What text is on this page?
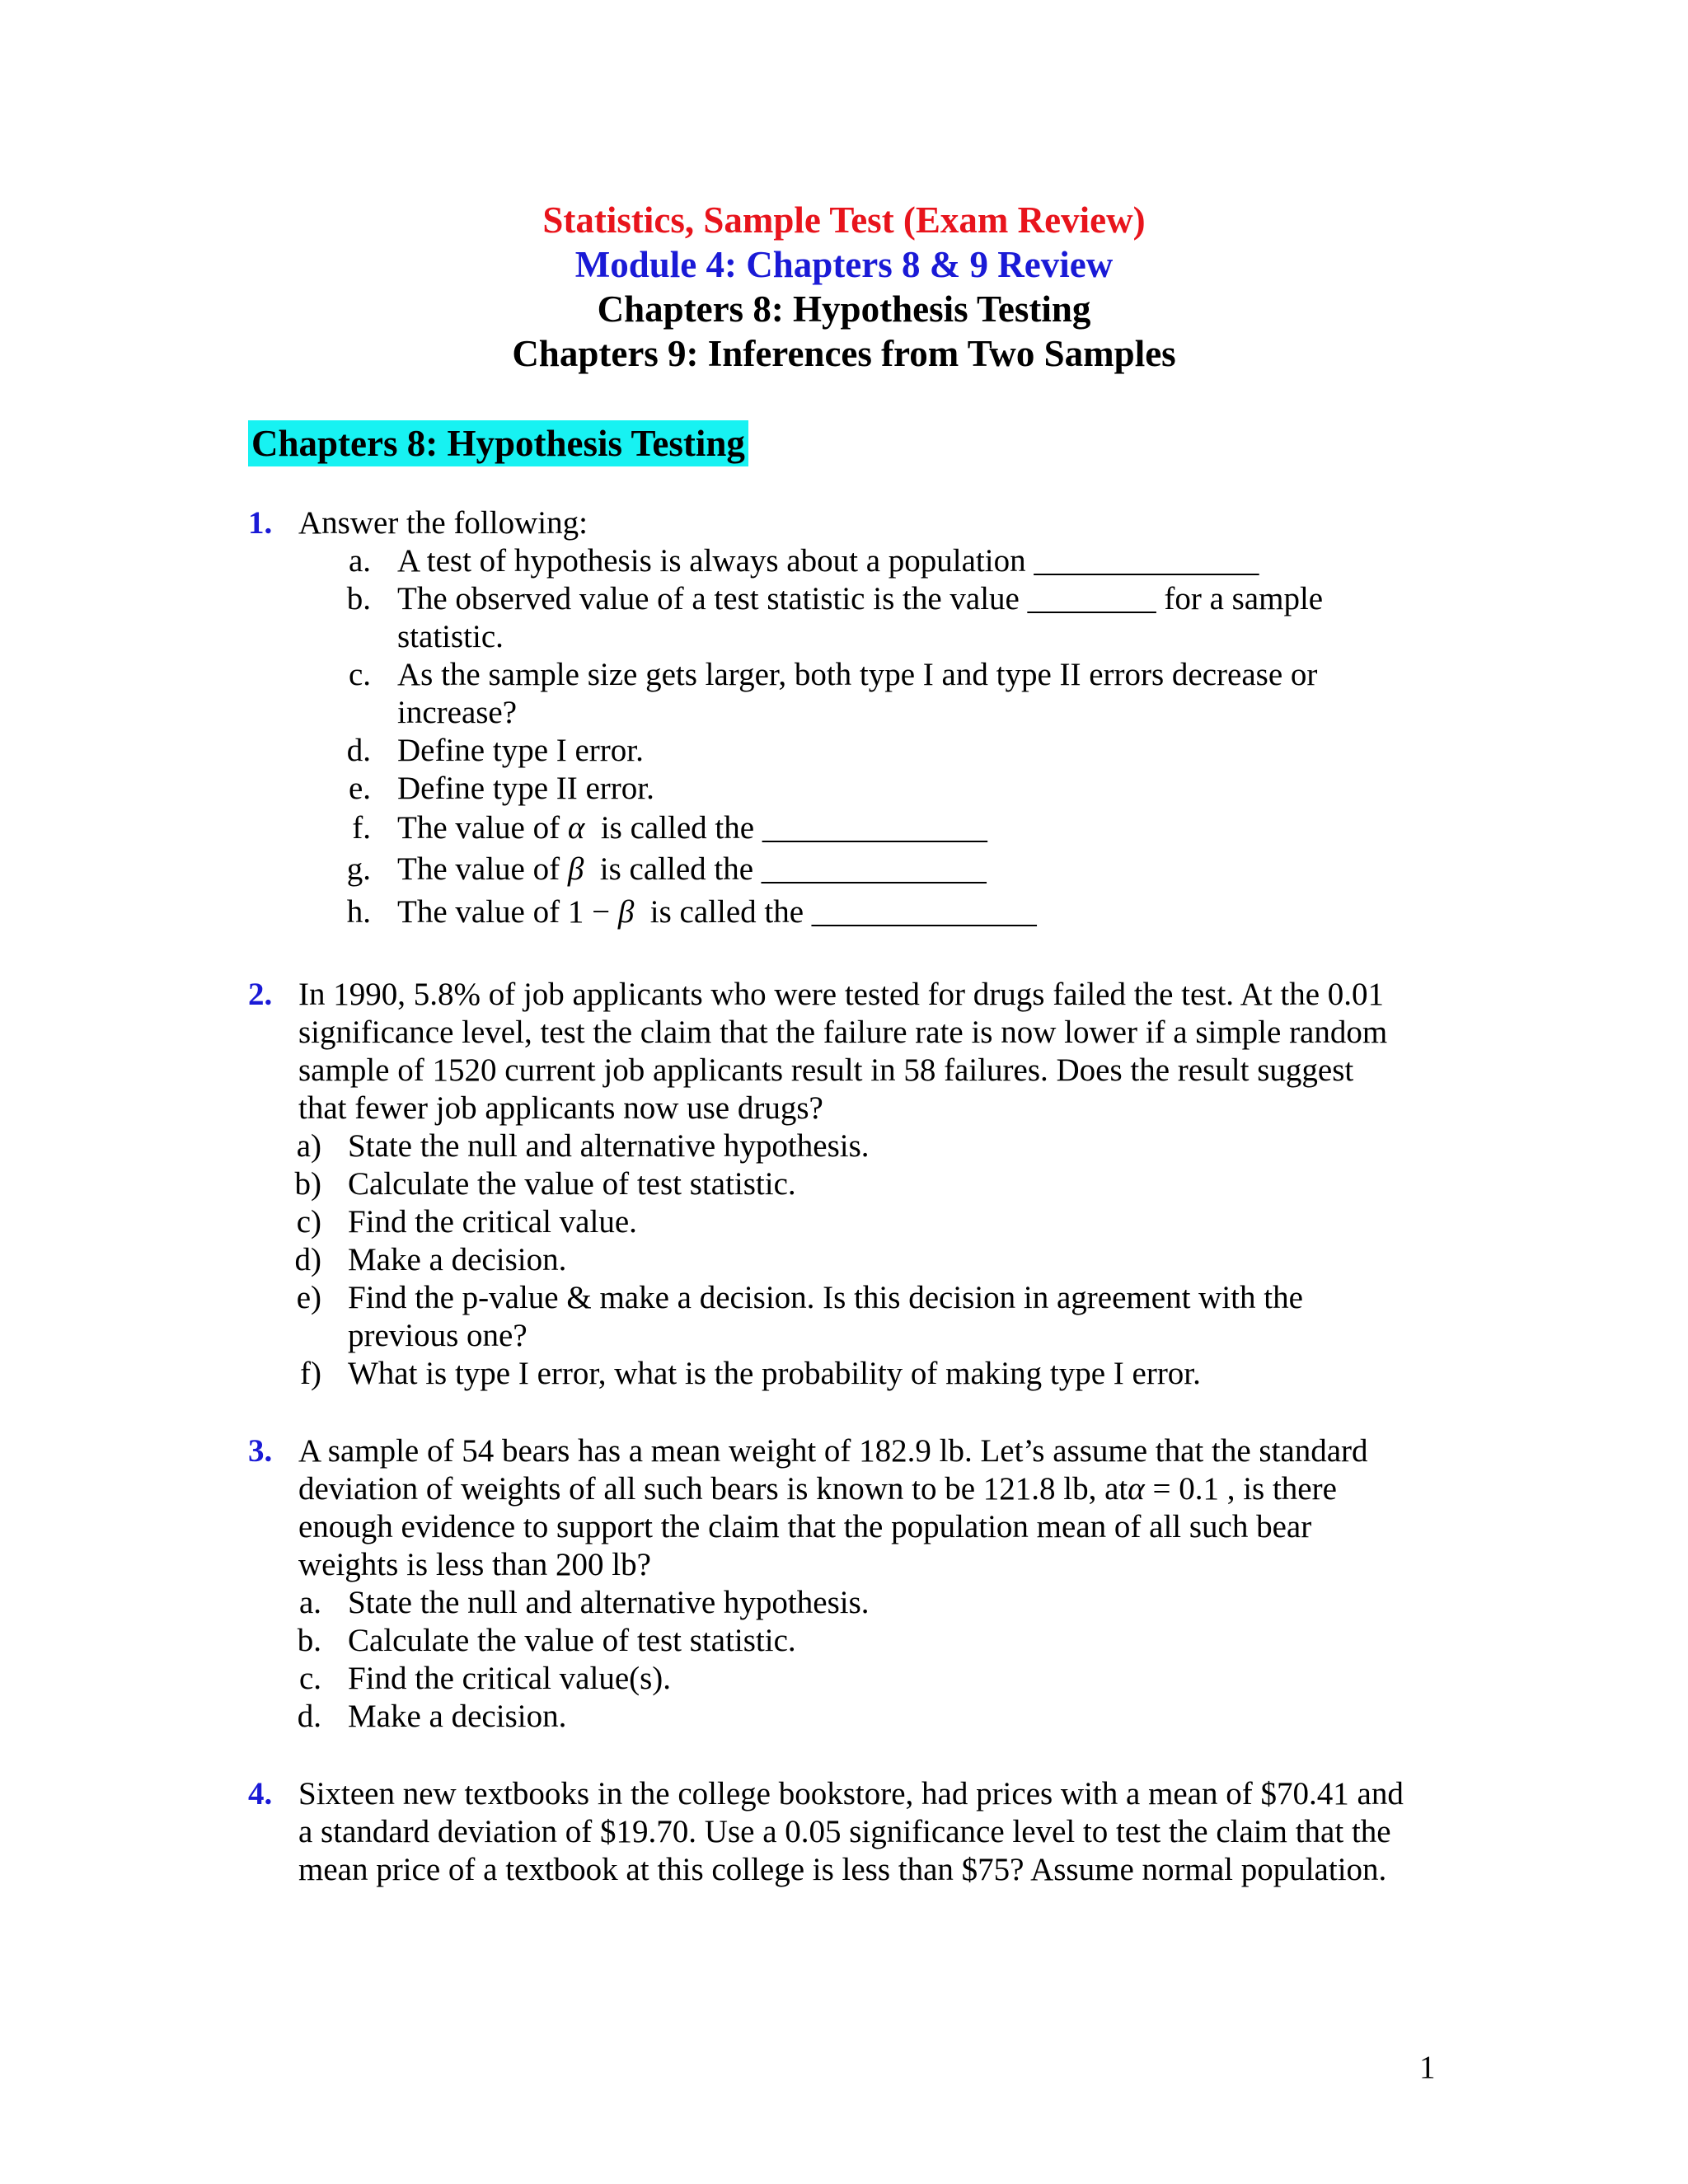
Statistics, Sample Test (Exam Review)
Module 4: Chapters 8 & 9 Review
Chapters 8: Hypothesis Testing
Chapters 9: Inferences from Two Samples
Chapters 8: Hypothesis Testing
1. Answer the following:

a. A test of hypothesis is always about a population ______________
b. The observed value of a test statistic is the value ________ for a sample
statistic.
c. As the sample size gets larger, both type I and type II errors decrease or
increase?
d. Define type I error.
e. Define type II error.
f. The value of α  is called the ______________
g. The value of β  is called the ______________
h. The value of 1 − β  is called the ______________
2. In 1990, 5.8% of job applicants who were tested for drugs failed the test. At the 0.01

significance level, test the claim that the failure rate is now lower if a simple random

sample of 1520 current job applicants result in 58 failures. Does the result suggest

that fewer job applicants now use drugs?

a) State the null and alternative hypothesis.
b) Calculate the value of test statistic.
c) Find the critical value.
d) Make a decision.
e) Find the p-value & make a decision. Is this decision in agreement with the
previous one?
f) What is type I error, what is the probability of making type I error.
3. A sample of 54 bears has a mean weight of 182.9 lb. Let’s assume that the standard

deviation of weights of all such bears is known to be 121.8 lb, atα = 0.1 , is there

enough evidence to support the claim that the population mean of all such bear

weights is less than 200 lb?

a. State the null and alternative hypothesis.
b. Calculate the value of test statistic.
c. Find the critical value(s).
d. Make a decision.
4. Sixteen new textbooks in the college bookstore, had prices with a mean of $70.41 and

a standard deviation of $19.70. Use a 0.05 significance level to test the claim that the

mean price of a textbook at this college is less than $75? Assume normal population.

1
